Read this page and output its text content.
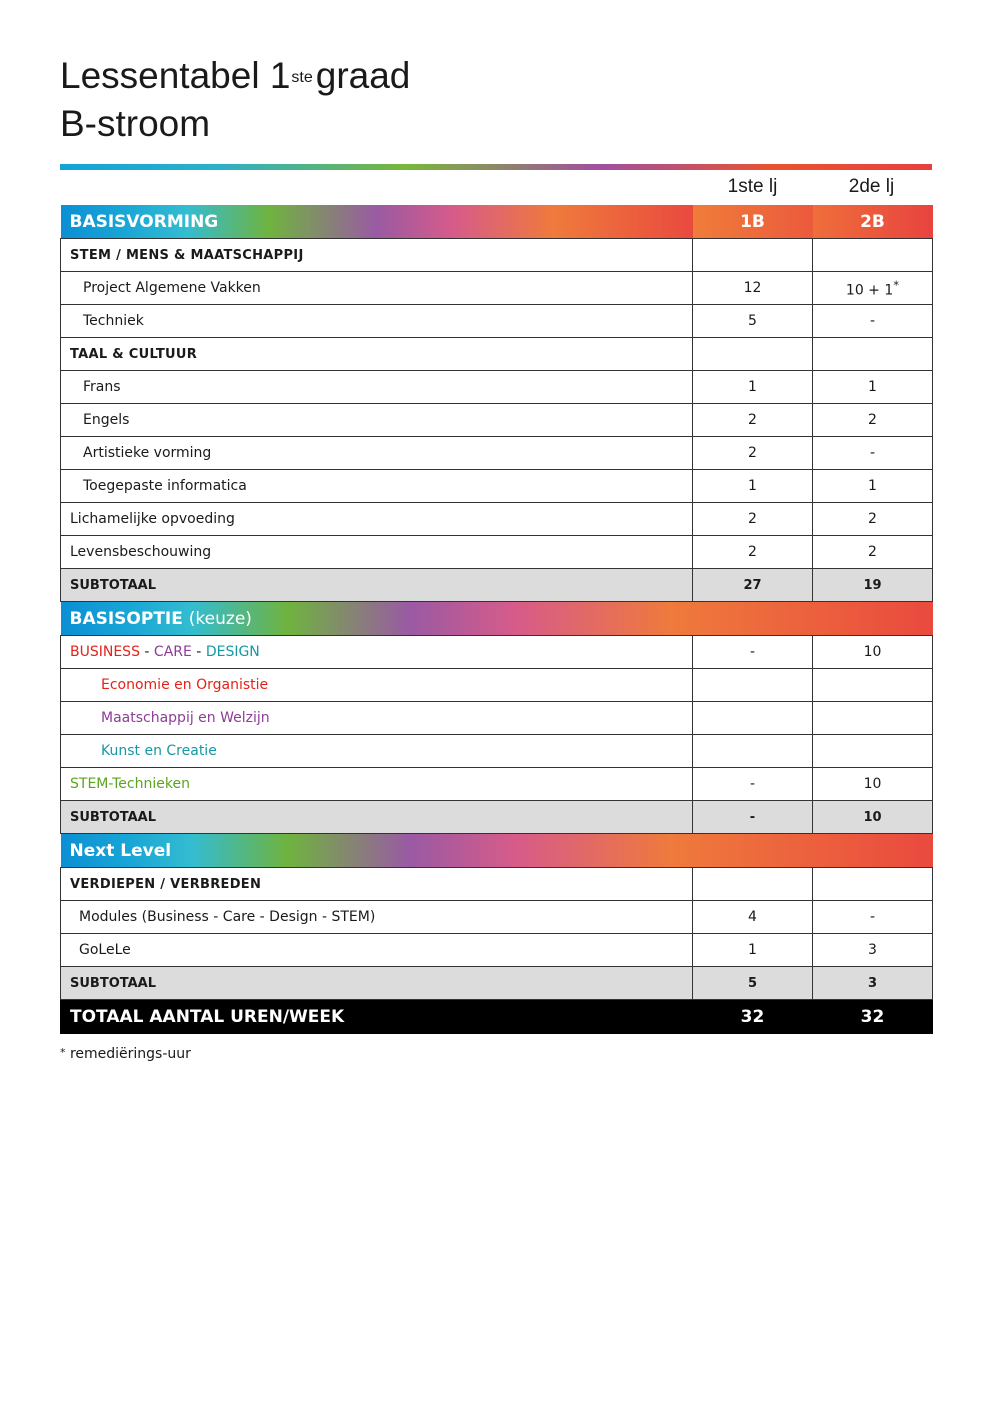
Lessentabel 1stegraad
B-stroom
1ste lj	2de lj
BASISVORMING	1B	2B
STEM / MENS & MAATSCHAPPIJ		
Project Algemene Vakken	12	10 + 1*
Techniek	5	-
TAAL & CULTUUR		
Frans	1	1
Engels	2	2
Artistieke vorming	2	-
Toegepaste informatica	1	1
Lichamelijke opvoeding	2	2
Levensbeschouwing	2	2
SUBTOTAAL	27	19
BASISOPTIE (keuze)		
BUSINESS - CARE - DESIGN	-	10
Economie en Organistie		
Maatschappij en Welzijn		
Kunst en Creatie		
STEM-Technieken	-	10
SUBTOTAAL	-	10
Next Level		
VERDIEPEN / VERBREDEN		
Modules (Business - Care - Design - STEM)	4	-
GoLeLe	1	3
SUBTOTAAL	5	3
TOTAAL AANTAL UREN/WEEK	32	32
* remediërings-uur
